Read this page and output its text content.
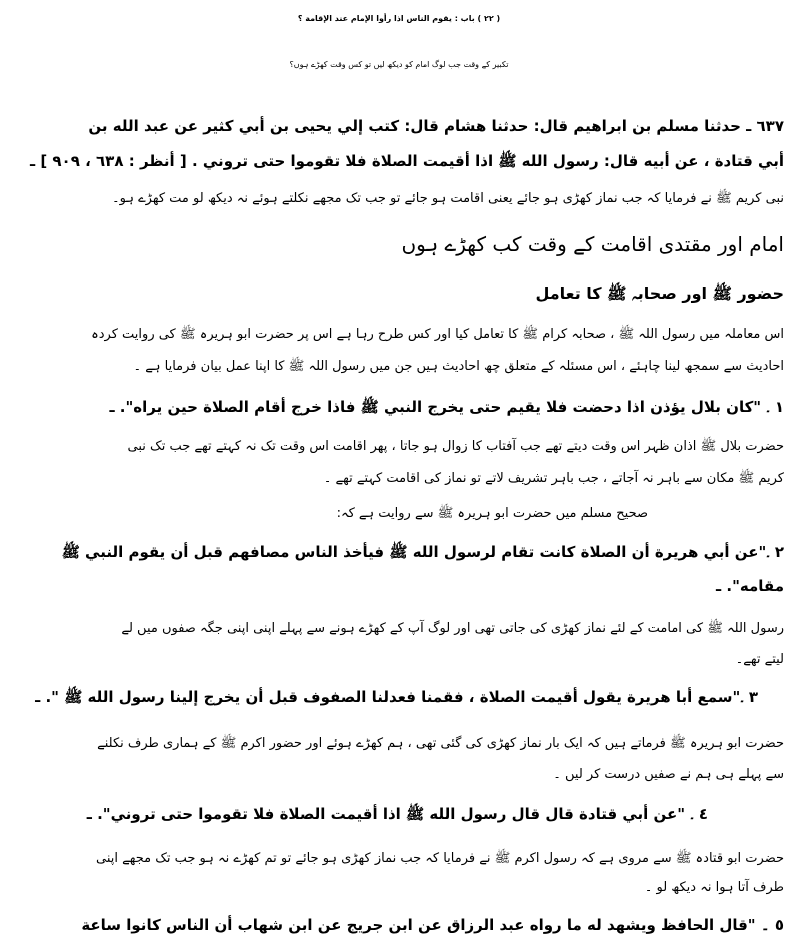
( ٢٢ ) باب : يقوم الناس اذا رأوا الإمام عند الإقامة ؟
تکبیر کے وقت جب لوگ امام کو دیکھ لیں تو کس وقت کھڑے ہوں؟
٦٣٧ ـ حدثنا مسلم بن ابراهيم قال: حدثنا هشام قال: كتب إلي يحيى بن أبي كثير عن عبد الله بن
أبي قتادة ، عن أبيه قال: رسول الله ﷺ اذا أقيمت الصلاة فلا تقوموا حتى تروني . [ أنظر : ٦٣٨ ، ٩٠٩ ] ـ
نبی کریم ﷺ نے فرمایا کہ جب نماز کھڑی ہو جائے یعنی اقامت ہو جائے تو جب تک مجھے نکلتے ہوئے نہ دیکھ لو مت کھڑے ہو۔
امام اور مقتدی اقامت کے وقت کب کھڑے ہوں
حضور ﷺ اور صحابہ ﷺ کا تعامل
اس معاملہ میں رسول اللہ ﷺ ، صحابہ کرام ﷺ کا تعامل کیا اور کس طرح رہا ہے اس پر حضرت ابو ہریرہ ﷺ کی روایت کردہ
احادیث سے سمجھ لینا چاہئے ، اس مسئلہ کے متعلق چھ احادیث ہیں جن میں رسول اللہ ﷺ کا اپنا عمل بیان فرمایا ہے ۔
١ ۔ "كان بلال يؤذن اذا دحضت فلا يقيم حتى يخرج النبي ﷺ فاذا خرج أقام الصلاة حين يراه". ـ
حضرت بلال ﷺ اذان ظہر اس وقت دیتے تھے جب آفتاب کا زوال ہو جاتا ، پھر اقامت اس وقت تک نہ کہتے تھے جب تک نبی
کریم ﷺ مکان سے باہر نہ آجاتے ، جب باہر تشریف لاتے تو نماز کی اقامت کہتے تھے ۔
صحیح مسلم میں حضرت ابو ہریرہ ﷺ سے روایت ہے کہ:
٢ ۔"عن أبي هريرة أن الصلاة كانت تقام لرسول الله ﷺ فيأخذ الناس مصافهم قبل أن يقوم النبي ﷺ
مقامه". ـ
رسول اللہ ﷺ کی امامت کے لئے نماز کھڑی کی جاتی تھی اور لوگ آپ کے کھڑے ہونے سے پہلے اپنی اپنی جگہ صفوں میں لے
لیتے تھے۔
٣ ۔"سمع أبا هريرة يقول أقيمت الصلاة ، فقمنا فعدلنا الصفوف قبل أن يخرج إلينا رسول الله ﷺ ". ـ
حضرت ابو ہریرہ ﷺ فرماتے ہیں کہ ایک بار نماز کھڑی کی گئی تھی ، ہم کھڑے ہوئے اور حضور اکرم ﷺ کے ہماری طرف نکلنے
سے پہلے ہی ہم نے صفیں درست کر لیں ۔
٤ ۔ "عن أبي قتادة قال قال رسول الله ﷺ اذا أقيمت الصلاة فلا تقوموا حتى تروني". ـ
حضرت ابو قتادہ ﷺ سے مروی ہے کہ رسول اکرم ﷺ نے فرمایا کہ جب نماز کھڑی ہو جائے تو تم کھڑے نہ ہو جب تک مجھے اپنی
طرف آتا ہوا نہ دیکھ لو ۔
٥ ۔ "قال الحافظ ويشهد له ما رواه عبد الرزاق عن ابن جريج عن ابن شهاب أن الناس كانوا ساعة
